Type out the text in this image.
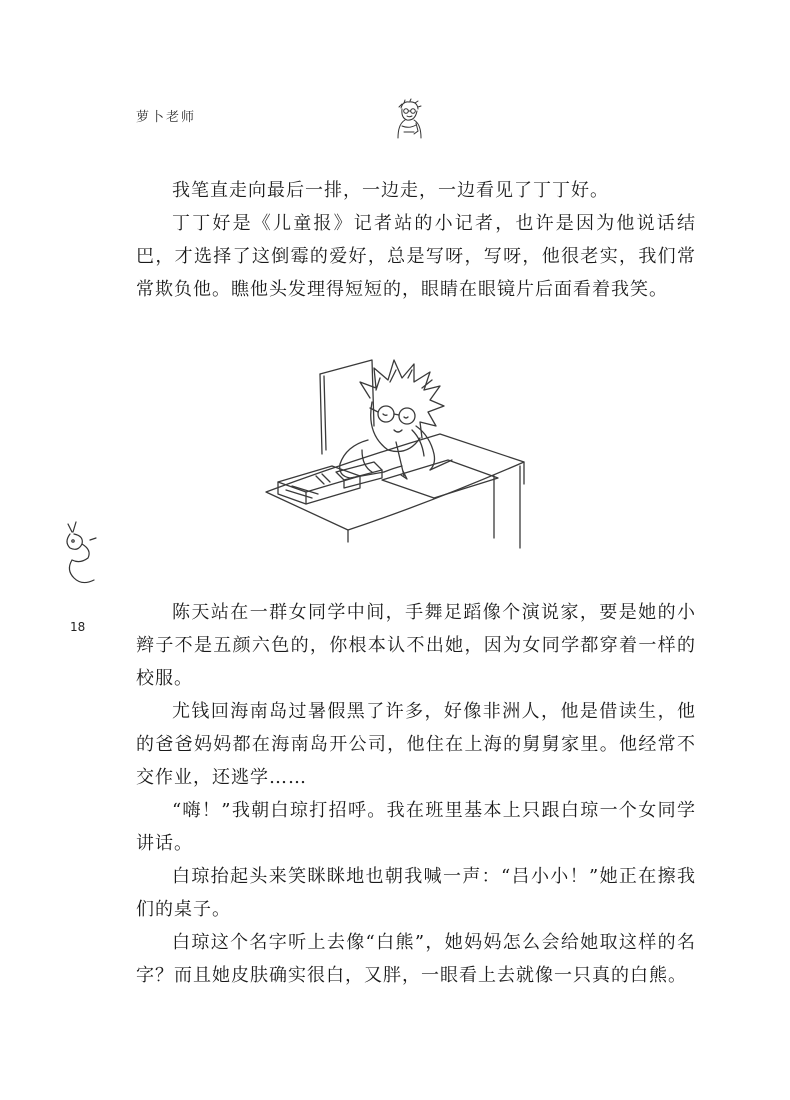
萝卜老师

我笔直走向最后一排，一边走，一边看见了丁丁好。

丁丁好是《儿童报》记者站的小记者，也许是因为他说话结巴，才选择了这倒霉的爱好，总是写呀，写呀，他很老实，我们常常欺负他。瞧他头发理得短短的，眼睛在眼镜片后面看着我笑。

陈天站在一群女同学中间，手舞足蹈像个演说家，要是她的小辫子不是五颜六色的，你根本认不出她，因为女同学都穿着一样的校服。

尤钱回海南岛过暑假黑了许多，好像非洲人，他是借读生，他的爸爸妈妈都在海南岛开公司，他住在上海的舅舅家里。他经常不交作业，还逃学……

“嗨！”我朝白琼打招呼。我在班里基本上只跟白琼一个女同学讲话。

白琼抬起头来笑眯眯地也朝我喊一声：“吕小小！”她正在擦我们的桌子。

白琼这个名字听上去像“白熊”，她妈妈怎么会给她取这样的名字？而且她皮肤确实很白，又胖，一眼看上去就像一只真的白熊。

18
